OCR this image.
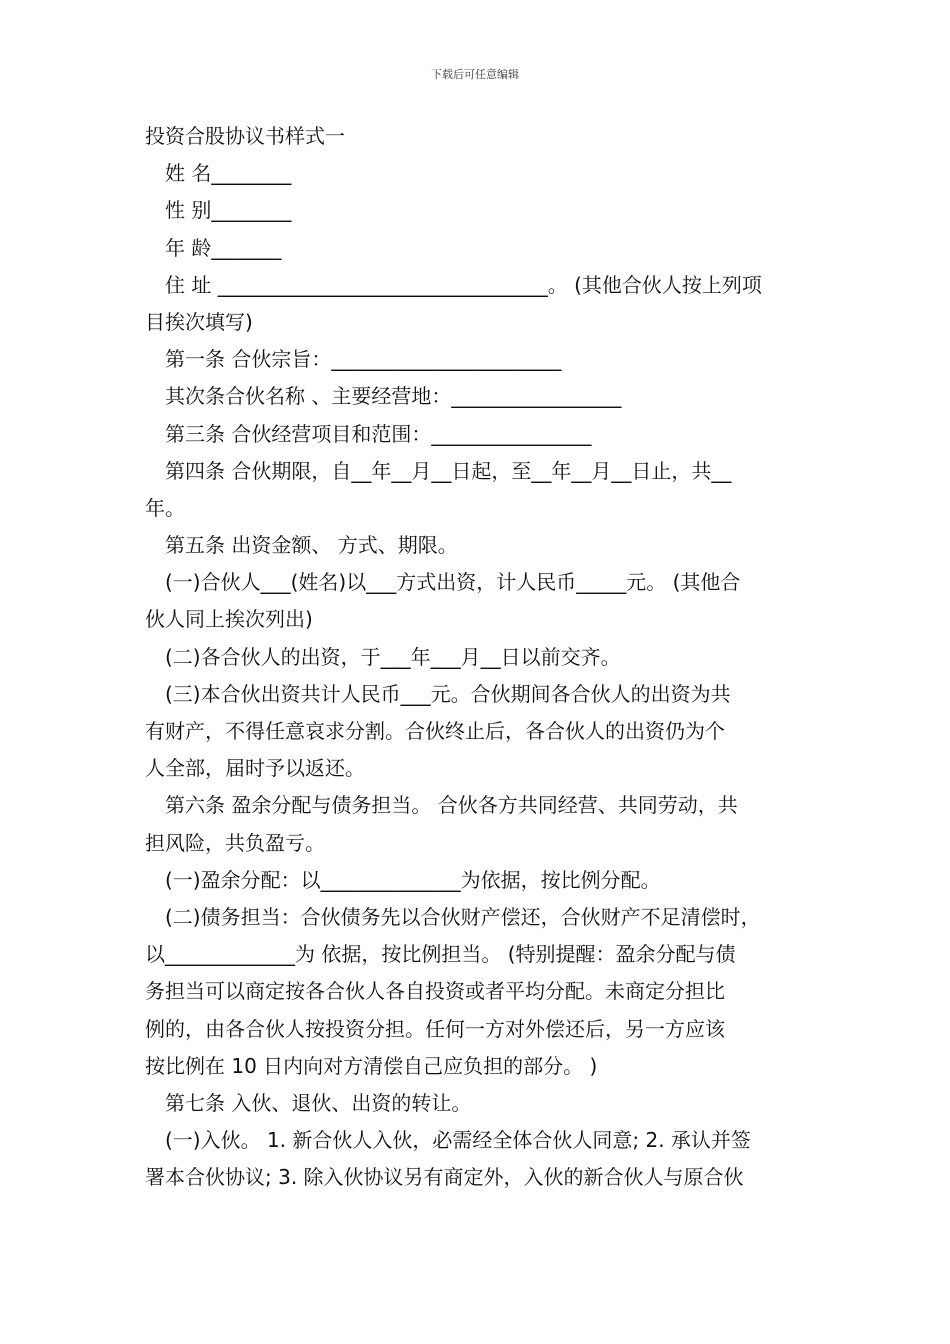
下载后可任意编辑
投资合股协议书样式一
姓 名________
性 别________
年 龄_______
住 址 _________________________________。 (其他合伙人按上列项
目挨次填写)
第一条 合伙宗旨：_______________________
其次条合伙名称 、主要经营地：_________________
第三条 合伙经营项目和范围：________________
第四条 合伙期限，自__年__月__日起，至__年__月__日止，共__
年。
第五条 出资金额、 方式、期限。
(一)合伙人___(姓名)以___方式出资，计人民币_____元。 (其他合
伙人同上挨次列出)
(二)各合伙人的出资，于___年___月__日以前交齐。
(三)本合伙出资共计人民币___元。合伙期间各合伙人的出资为共
有财产，不得任意哀求分割。合伙终止后，各合伙人的出资仍为个
人全部，届时予以返还。
第六条 盈余分配与债务担当。 合伙各方共同经营、共同劳动，共
担风险，共负盈亏。
(一)盈余分配：以______________为依据，按比例分配。
(二)债务担当：合伙债务先以合伙财产偿还，合伙财产不足清偿时，
以_____________为 依据，按比例担当。 (特别提醒：盈余分配与债
务担当可以商定按各合伙人各自投资或者平均分配。未商定分担比
例的，由各合伙人按投资分担。任何一方对外偿还后，另一方应该
按比例在 10 日内向对方清偿自己应负担的部分。 )
第七条 入伙、退伙、出资的转让。
(一)入伙。 1. 新合伙人入伙，必需经全体合伙人同意; 2. 承认并签
署本合伙协议; 3. 除入伙协议另有商定外，入伙的新合伙人与原合伙
